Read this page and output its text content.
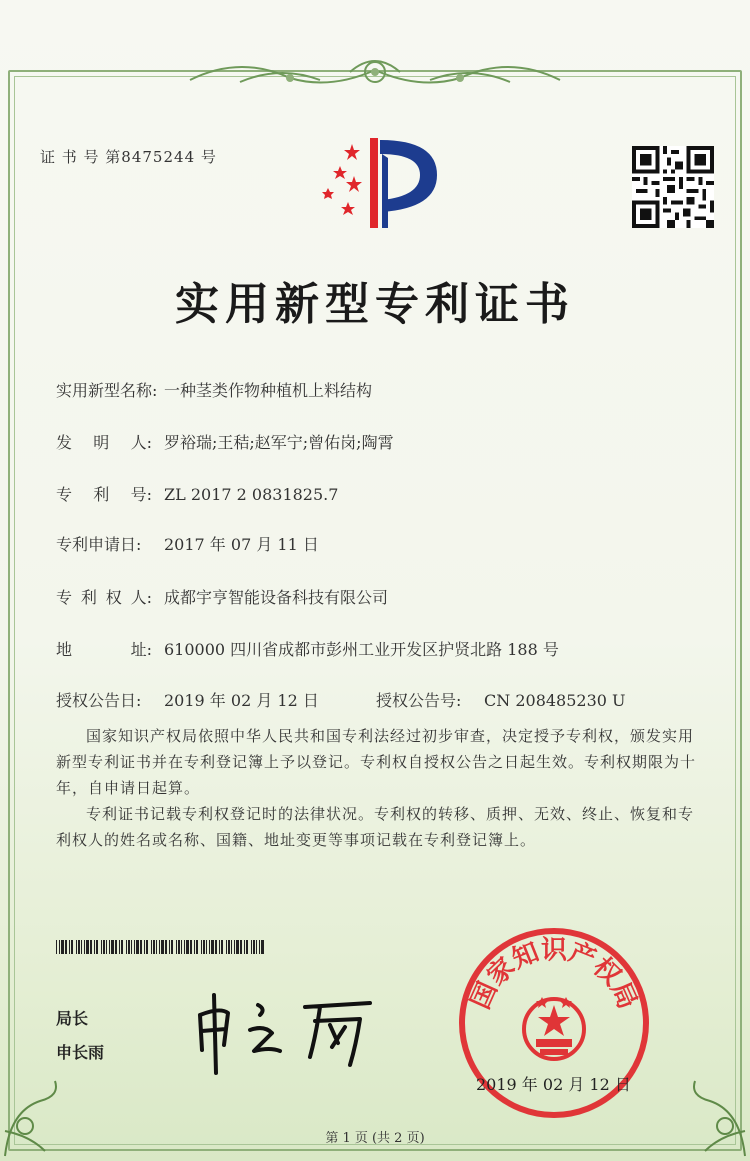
证 书 号 第8475244 号
实用新型专利证书
实用新型名称: 一种茎类作物种植机上料结构
发 明 人: 罗裕瑞;王秸;赵军宁;曾佑岗;陶霄
专 利 号: ZL 2017 2 0831825.7
专利申请日: 2017 年 07 月 11 日
专 利 权 人: 成都宇亨智能设备科技有限公司
地	址: 610000 四川省成都市彭州工业开发区护贤北路 188 号
授权公告日: 2019 年 02 月 12 日	授权公告号: CN 208485230 U

国家知识产权局依照中华人民共和国专利法经过初步审查，决定授予专利权，颁发实用新型专利证书并在专利登记簿上予以登记。专利权自授权公告之日起生效。专利权期限为十年，自申请日起算。

专利证书记载专利权登记时的法律状况。专利权的转移、质押、无效、终止、恢复和专利权人的姓名或名称、国籍、地址变更等事项记载在专利登记簿上。

局长
申长雨
国家知识产权局
2019 年 02 月 12 日
第 1 页 (共 2 页)
